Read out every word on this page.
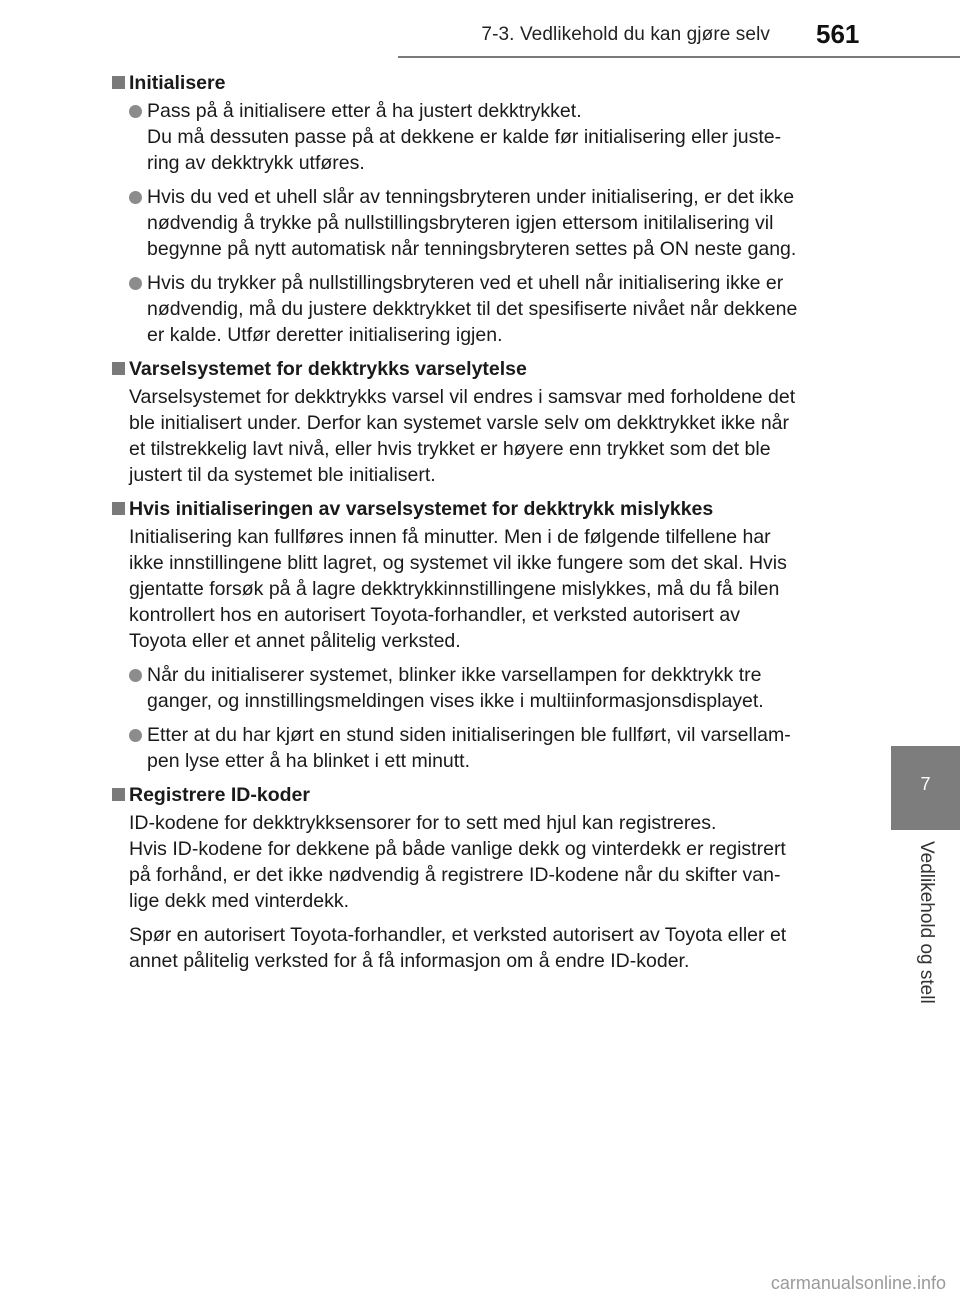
7-3. Vedlikehold du kan gjøre selv 561
7
Vedlikehold og stell
Initialisere
Pass på å initialisere etter å ha justert dekktrykket.
Du må dessuten passe på at dekkene er kalde før initialisering eller juste-
ring av dekktrykk utføres.
Hvis du ved et uhell slår av tenningsbryteren under initialisering, er det ikke
nødvendig å trykke på nullstillingsbryteren igjen ettersom initilalisering vil
begynne på nytt automatisk når tenningsbryteren settes på ON neste gang.
Hvis du trykker på nullstillingsbryteren ved et uhell når initialisering ikke er
nødvendig, må du justere dekktrykket til det spesifiserte nivået når dekkene
er kalde. Utfør deretter initialisering igjen.
Varselsystemet for dekktrykks varselytelse
Varselsystemet for dekktrykks varsel vil endres i samsvar med forholdene det
ble initialisert under. Derfor kan systemet varsle selv om dekktrykket ikke når
et tilstrekkelig lavt nivå, eller hvis trykket er høyere enn trykket som det ble
justert til da systemet ble initialisert.
Hvis initialiseringen av varselsystemet for dekktrykk mislykkes
Initialisering kan fullføres innen få minutter. Men i de følgende tilfellene har
ikke innstillingene blitt lagret, og systemet vil ikke fungere som det skal. Hvis
gjentatte forsøk på å lagre dekktrykkinnstillingene mislykkes, må du få bilen
kontrollert hos en autorisert Toyota-forhandler, et verksted autorisert av
Toyota eller et annet pålitelig verksted.
Når du initialiserer systemet, blinker ikke varsellampen for dekktrykk tre
ganger, og innstillingsmeldingen vises ikke i multiinformasjonsdisplayet.
Etter at du har kjørt en stund siden initialiseringen ble fullført, vil varsellam-
pen lyse etter å ha blinket i ett minutt.
Registrere ID-koder
ID-kodene for dekktrykksensorer for to sett med hjul kan registreres.
Hvis ID-kodene for dekkene på både vanlige dekk og vinterdekk er registrert
på forhånd, er det ikke nødvendig å registrere ID-kodene når du skifter van-
lige dekk med vinterdekk.
Spør en autorisert Toyota-forhandler, et verksted autorisert av Toyota eller et
annet pålitelig verksted for å få informasjon om å endre ID-koder.
carmanualsonline.info
